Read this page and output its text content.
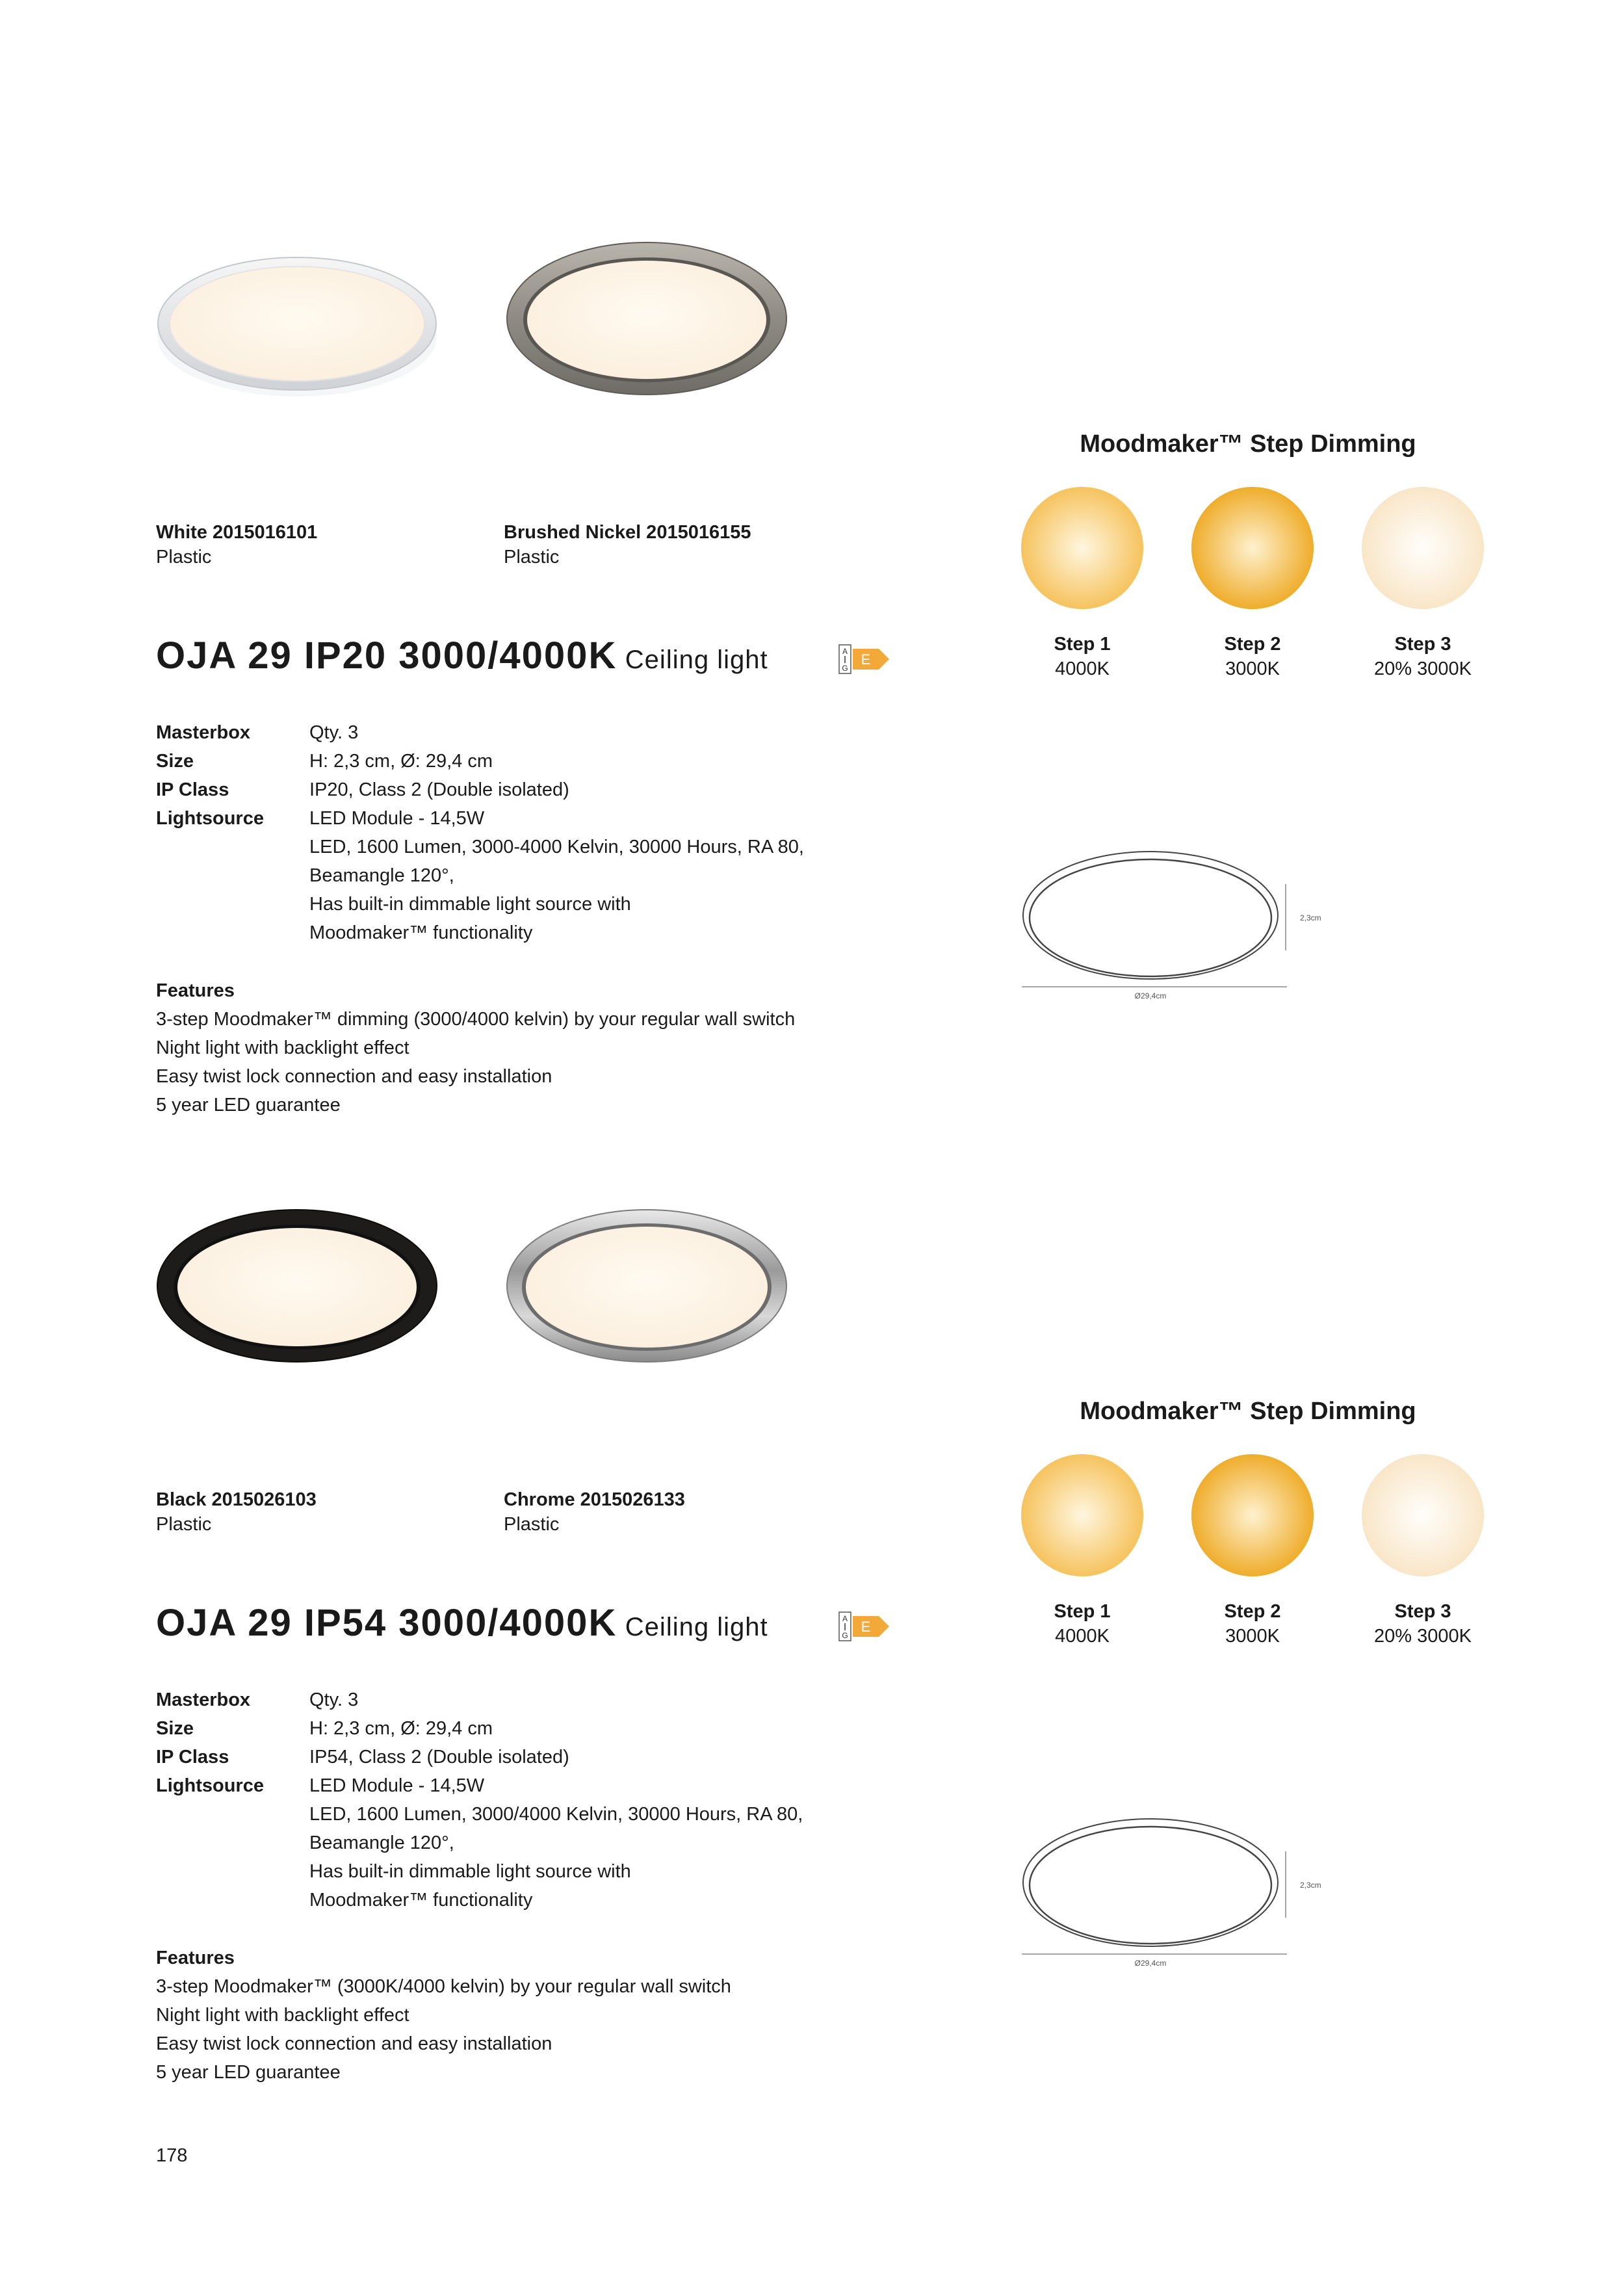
White 2015016101
Plastic
Brushed Nickel 2015016155
Plastic
OJA 29 IP20 3000/4000K Ceiling light	A
G
E
Masterbox	Qty. 3
Size	H: 2,3 cm, Ø: 29,4 cm
IP Class	IP20, Class 2 (Double isolated)
Lightsource	LED Module - 14,5W
LED, 1600 Lumen, 3000-4000 Kelvin, 30000 Hours, RA 80,
Beamangle 120°,
Has built-in dimmable light source with
Moodmaker™ functionality
Features
3-step Moodmaker™ dimming (3000/4000 kelvin) by your regular wall switch
Night light with backlight effect
Easy twist lock connection and easy installation
5 year LED guarantee
Moodmaker™ Step Dimming
Step 1
4000K
Step 2
3000K
Step 3
20% 3000K
2,3cm
Ø29,4cm
Black 2015026103
Plastic
Chrome 2015026133
Plastic
OJA 29 IP54 3000/4000K Ceiling light	A
G
E
Masterbox	Qty. 3
Size	H: 2,3 cm, Ø: 29,4 cm
IP Class	IP54, Class 2 (Double isolated)
Lightsource	LED Module - 14,5W
LED, 1600 Lumen, 3000/4000 Kelvin, 30000 Hours, RA 80,
Beamangle 120°,
Has built-in dimmable light source with
Moodmaker™ functionality
Features
3-step Moodmaker™ (3000K/4000 kelvin) by your regular wall switch
Night light with backlight effect
Easy twist lock connection and easy installation
5 year LED guarantee
Moodmaker™ Step Dimming
Step 1
4000K
Step 2
3000K
Step 3
20% 3000K
2,3cm
Ø29,4cm
178
